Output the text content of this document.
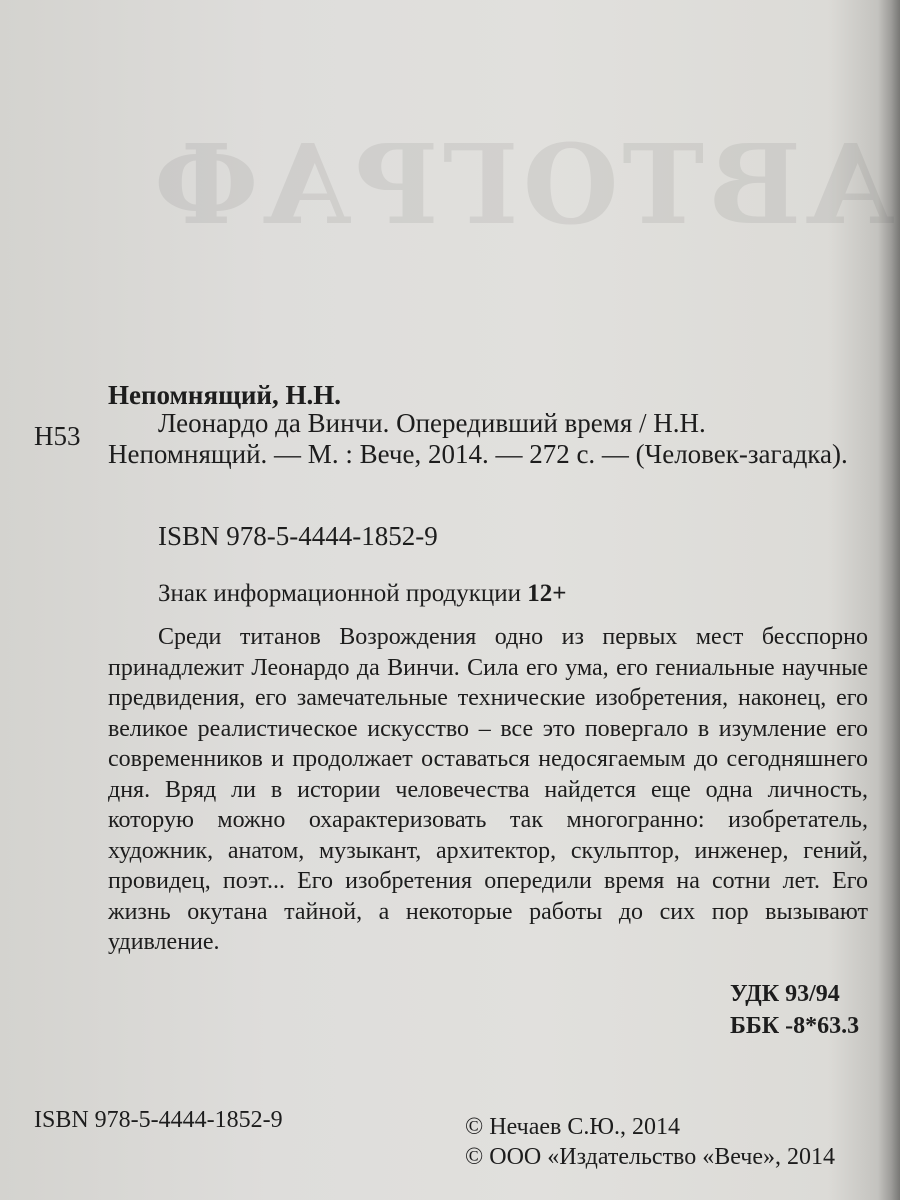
АВТОГРАФ
Непомнящий, Н.Н.
Н53	Леонардо да Винчи. Опередивший время / Н.Н. Непомнящий. — М. : Вече, 2014. — 272 с. — (Человек-загадка).

ISBN 978-5-4444-1852-9
Знак информационной продукции 12+

Среди титанов Возрождения одно из первых мест бесспорно принадлежит Леонардо да Винчи. Сила его ума, его гениальные научные предвидения, его замечательные технические изобретения, наконец, его великое реалистическое искусство – все это повергало в изумление его современников и продолжает оставаться недосягаемым до сегодняшнего дня. Вряд ли в истории человечества найдется еще одна личность, которую можно охарактеризовать так многогранно: изобретатель, художник, анатом, музыкант, архитектор, скульптор, инженер, гений, провидец, поэт... Его изобретения опередили время на сотни лет. Его жизнь окутана тайной, а некоторые работы до сих пор вызывают удивление.

УДК 93/94
ББК -8*63.3
ISBN 978-5-4444-1852-9	© Нечаев С.Ю., 2014
© ООО «Издательство «Вече», 2014
